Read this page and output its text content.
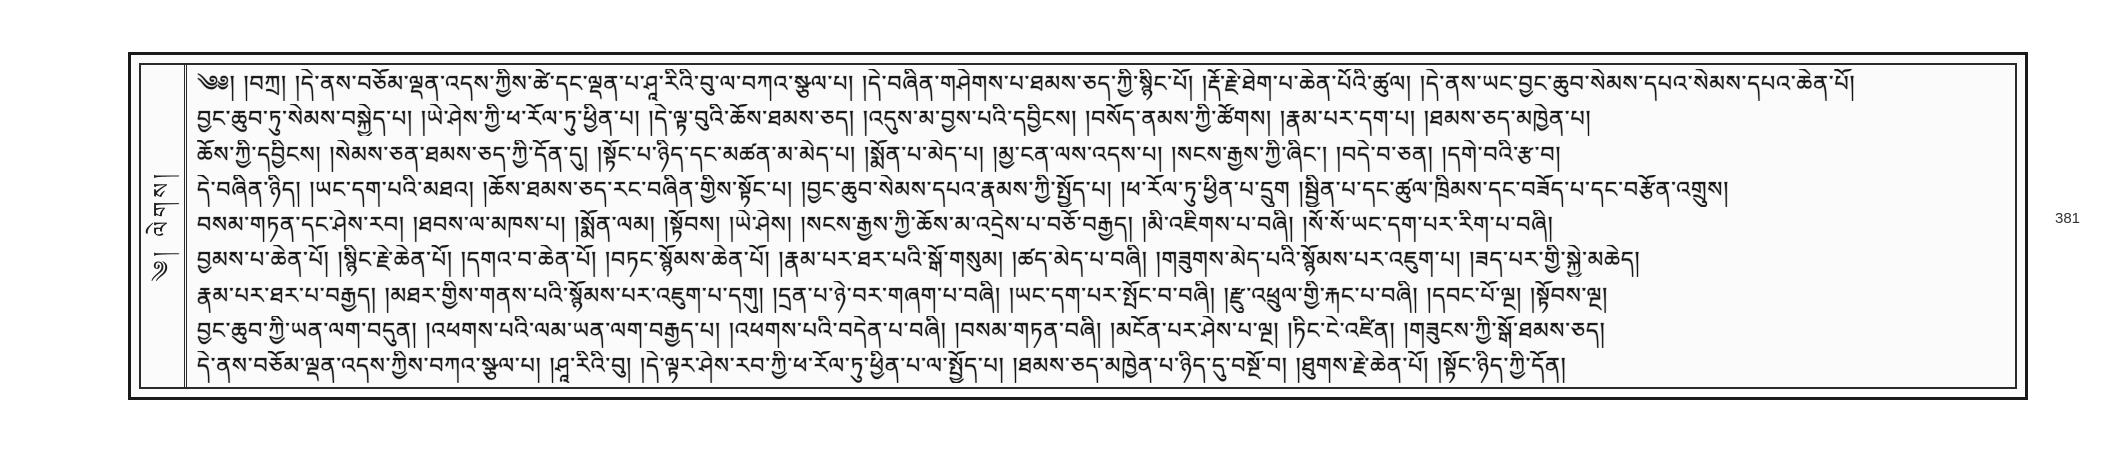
༄། ལེགས།
༄༅། །བཀྲ། །དེ་ནས་བཅོམ་ལྡན་འདས་ཀྱིས་ཚེ་དང་ལྡན་པ་ཤཱ་རིའི་བུ་ལ་བཀའ་སྩལ་པ། །དེ་བཞིན་གཤེགས་པ་ཐམས་ཅད་ཀྱི་སྙིང་པོ། །རྡོ་རྗེ་ཐེག་པ་ཆེན་པོའི་ཚུལ། །དེ་ནས་ཡང་བྱང་ཆུབ་སེམས་དཔའ་སེམས་དཔའ་ཆེན་པོ།
བྱང་ཆུབ་ཏུ་སེམས་བསྐྱེད་པ། །ཡེ་ཤེས་ཀྱི་ཕ་རོལ་ཏུ་ཕྱིན་པ། །དེ་ལྟ་བུའི་ཆོས་ཐམས་ཅད། །འདུས་མ་བྱས་པའི་དབྱིངས། །བསོད་ནམས་ཀྱི་ཚོགས། །རྣམ་པར་དག་པ། །ཐམས་ཅད་མཁྱེན་པ།
ཆོས་ཀྱི་དབྱིངས། །སེམས་ཅན་ཐམས་ཅད་ཀྱི་དོན་དུ། །སྟོང་པ་ཉིད་དང་མཚན་མ་མེད་པ། །སྨོན་པ་མེད་པ། །མྱ་ངན་ལས་འདས་པ། །སངས་རྒྱས་ཀྱི་ཞིང་། །བདེ་བ་ཅན། །དགེ་བའི་རྩ་བ།
དེ་བཞིན་ཉིད། །ཡང་དག་པའི་མཐའ། །ཆོས་ཐམས་ཅད་རང་བཞིན་གྱིས་སྟོང་པ། །བྱང་ཆུབ་སེམས་དཔའ་རྣམས་ཀྱི་སྤྱོད་པ། །ཕ་རོལ་ཏུ་ཕྱིན་པ་དྲུག །སྦྱིན་པ་དང་ཚུལ་ཁྲིམས་དང་བཟོད་པ་དང་བརྩོན་འགྲུས།
བསམ་གཏན་དང་ཤེས་རབ། །ཐབས་ལ་མཁས་པ། །སྨོན་ལམ། །སྟོབས། །ཡེ་ཤེས། །སངས་རྒྱས་ཀྱི་ཆོས་མ་འདྲེས་པ་བཅོ་བརྒྱད། །མི་འཇིགས་པ་བཞི། །སོ་སོ་ཡང་དག་པར་རིག་པ་བཞི།
བྱམས་པ་ཆེན་པོ། །སྙིང་རྗེ་ཆེན་པོ། །དགའ་བ་ཆེན་པོ། །བཏང་སྙོམས་ཆེན་པོ། །རྣམ་པར་ཐར་པའི་སྒོ་གསུམ། །ཚད་མེད་པ་བཞི། །གཟུགས་མེད་པའི་སྙོམས་པར་འཇུག་པ། །ཟད་པར་གྱི་སྐྱེ་མཆེད།
རྣམ་པར་ཐར་པ་བརྒྱད། །མཐར་གྱིས་གནས་པའི་སྙོམས་པར་འཇུག་པ་དགུ། །དྲན་པ་ཉེ་བར་གཞག་པ་བཞི། །ཡང་དག་པར་སྤོང་བ་བཞི། །རྫུ་འཕྲུལ་གྱི་རྐང་པ་བཞི། །དབང་པོ་ལྔ། །སྟོབས་ལྔ།
བྱང་ཆུབ་ཀྱི་ཡན་ལག་བདུན། །འཕགས་པའི་ལམ་ཡན་ལག་བརྒྱད་པ། །འཕགས་པའི་བདེན་པ་བཞི། །བསམ་གཏན་བཞི། །མངོན་པར་ཤེས་པ་ལྔ། །ཏིང་ངེ་འཛིན། །གཟུངས་ཀྱི་སྒོ་ཐམས་ཅད།
དེ་ནས་བཅོམ་ལྡན་འདས་ཀྱིས་བཀའ་སྩལ་པ། །ཤཱ་རིའི་བུ། །དེ་ལྟར་ཤེས་རབ་ཀྱི་ཕ་རོལ་ཏུ་ཕྱིན་པ་ལ་སྤྱོད་པ། །ཐམས་ཅད་མཁྱེན་པ་ཉིད་དུ་བསྔོ་བ། །ཐུགས་རྗེ་ཆེན་པོ། །སྟོང་ཉིད་ཀྱི་དོན།
381
